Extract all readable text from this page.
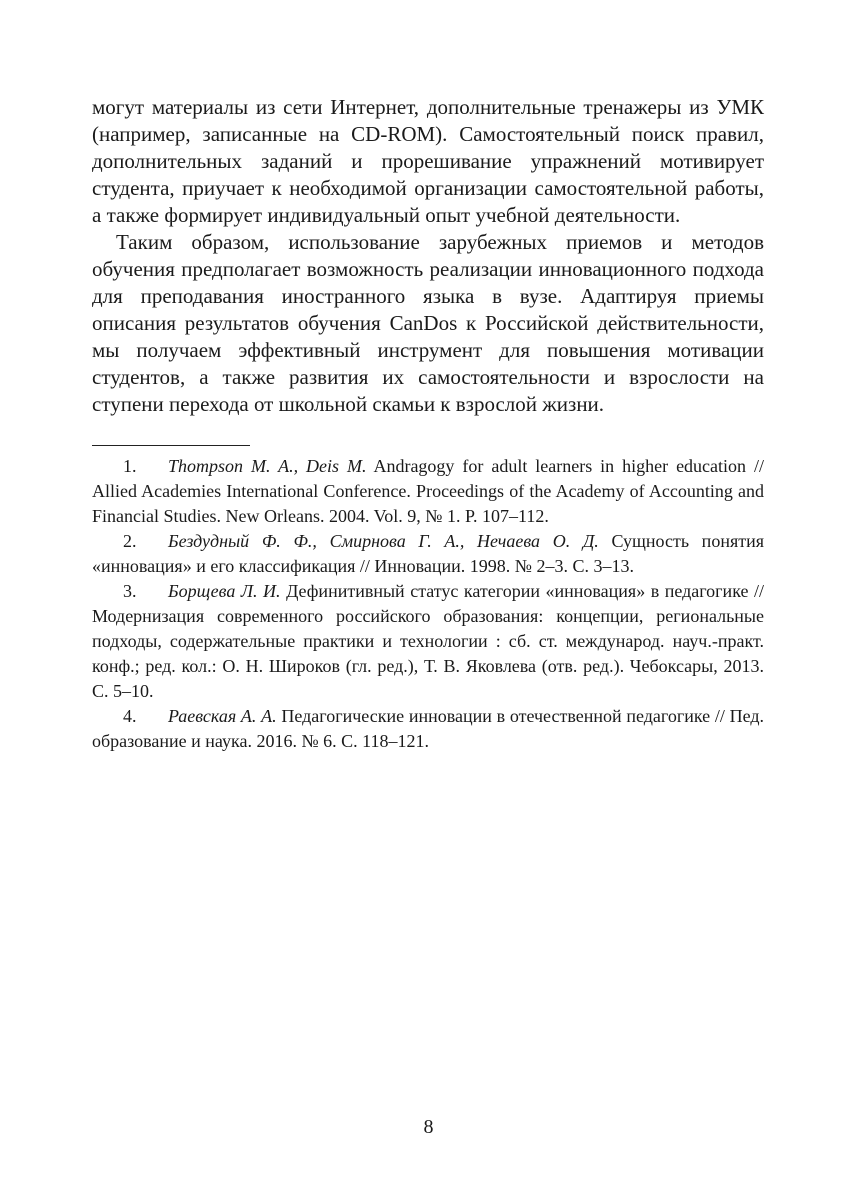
могут материалы из сети Интернет, дополнительные тренажеры из УМК (например, записанные на CD-ROM). Самостоятельный поиск правил, дополнительных заданий и прорешивание упражнений мотивирует студента, приучает к необходимой организации самостоятельной работы, а также формирует индивидуальный опыт учебной деятельности.

Таким образом, использование зарубежных приемов и методов обучения предполагает возможность реализации инновационного подхода для преподавания иностранного языка в вузе. Адаптируя приемы описания результатов обучения CanDos к Российской действительности, мы получаем эффективный инструмент для повышения мотивации студентов, а также развития их самостоятельности и взрослости на ступени перехода от школьной скамьи к взрослой жизни.

1. Thompson M. A., Deis M. Andragogy for adult learners in higher education // Allied Academies International Conference. Proceedings of the Academy of Accounting and Financial Studies. New Orleans. 2004. Vol. 9, № 1. P. 107–112.

2. Бездудный Ф. Ф., Смирнова Г. А., Нечаева О. Д. Сущность понятия «инновация» и его классификация // Инновации. 1998. № 2–3. С. 3–13.

3. Борщева Л. И. Дефинитивный статус категории «инновация» в педагогике // Модернизация современного российского образования: концепции, региональные подходы, содержательные практики и технологии : сб. ст. международ. науч.-практ. конф.; ред. кол.: О. Н. Широков (гл. ред.), Т. В. Яковлева (отв. ред.). Чебоксары, 2013. С. 5–10.

4. Раевская А. А. Педагогические инновации в отечественной педагогике // Пед. образование и наука. 2016. № 6. С. 118–121.

8
